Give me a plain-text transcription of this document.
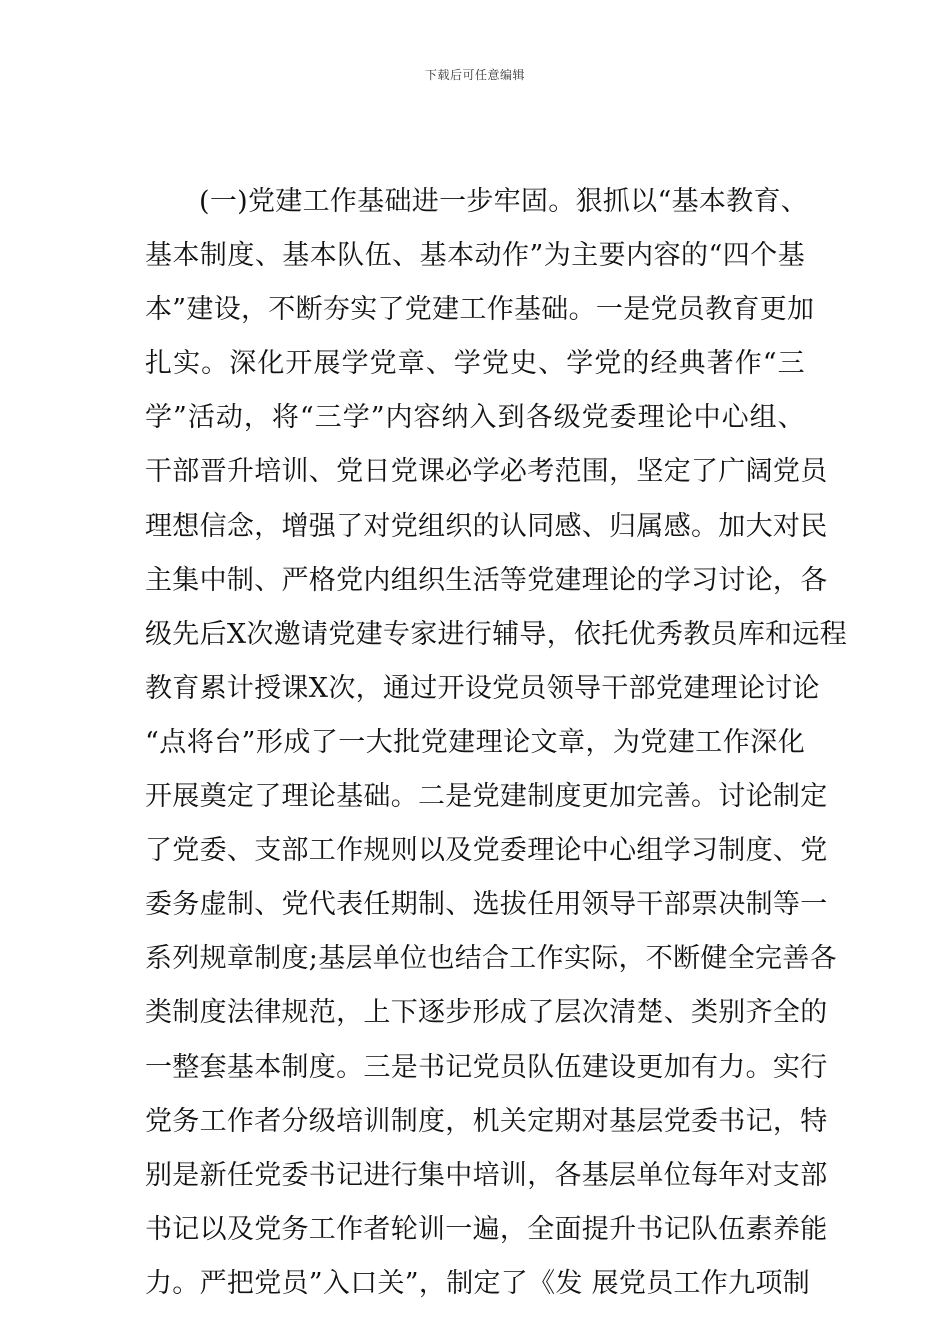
下载后可任意编辑
(一)党建工作基础进一步牢固。狠抓以“基本教育、
基本制度、基本队伍、基本动作”为主要内容的“四个基
本”建设，不断夯实了党建工作基础。一是党员教育更加
扎实。深化开展学党章、学党史、学党的经典著作“三
学”活动，将“三学”内容纳入到各级党委理论中心组、
干部晋升培训、党日党课必学必考范围，坚定了广阔党员
理想信念，增强了对党组织的认同感、归属感。加大对民
主集中制、严格党内组织生活等党建理论的学习讨论，各
级先后X次邀请党建专家进行辅导，依托优秀教员库和远程
教育累计授课X次，通过开设党员领导干部党建理论讨论
“点将台”形成了一大批党建理论文章，为党建工作深化
开展奠定了理论基础。二是党建制度更加完善。讨论制定
了党委、支部工作规则以及党委理论中心组学习制度、党
委务虚制、党代表任期制、选拔任用领导干部票决制等一
系列规章制度;基层单位也结合工作实际，不断健全完善各
类制度法律规范，上下逐步形成了层次清楚、类别齐全的
一整套基本制度。三是书记党员队伍建设更加有力。实行
党务工作者分级培训制度，机关定期对基层党委书记，特
别是新任党委书记进行集中培训，各基层单位每年对支部
书记以及党务工作者轮训一遍，全面提升书记队伍素养能
力。严把党员”入口关”，制定了《发 展党员工作九项制
